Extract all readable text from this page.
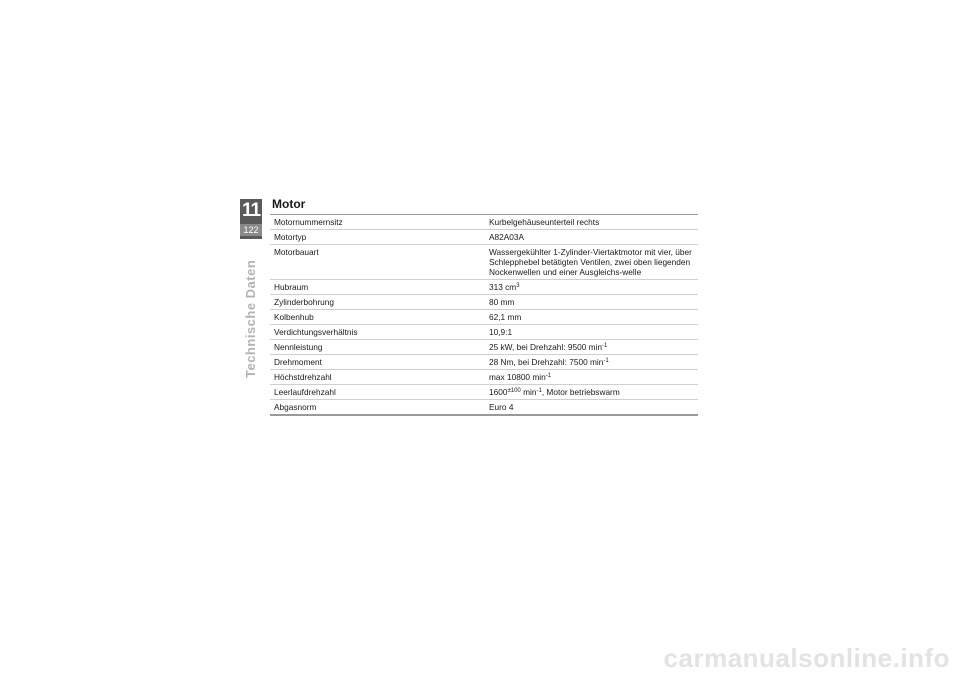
11
122
Technische Daten
Motor
Motornummernsitz	Kurbelgehäuseunterteil rechts
Motortyp	A82A03A
Motorbauart	Wassergekühlter 1-Zylinder-Viertaktmotor mit vier, über Schlepphebel betätigten Ventilen, zwei oben liegenden Nockenwellen und einer Ausgleichs-welle
Hubraum	313 $cm^3$
Zylinderbohrung	80 mm
Kolbenhub	62,1 mm
Verdichtungsverhältnis	10,9:1
Nennleistung	25 kW, bei Drehzahl: 9500 $\min^{-1}$
Drehmoment	28 Nm, bei Drehzahl: 7500 $\min^{-1}$
Höchstdrehzahl	max 10800 $\min^{-1}$
Leerlaufdrehzahl	$1600^{\pm 100}$ $\min^{-1}$, Motor betriebswarm
Abgasnorm	Euro 4
carmanualsonline.info
